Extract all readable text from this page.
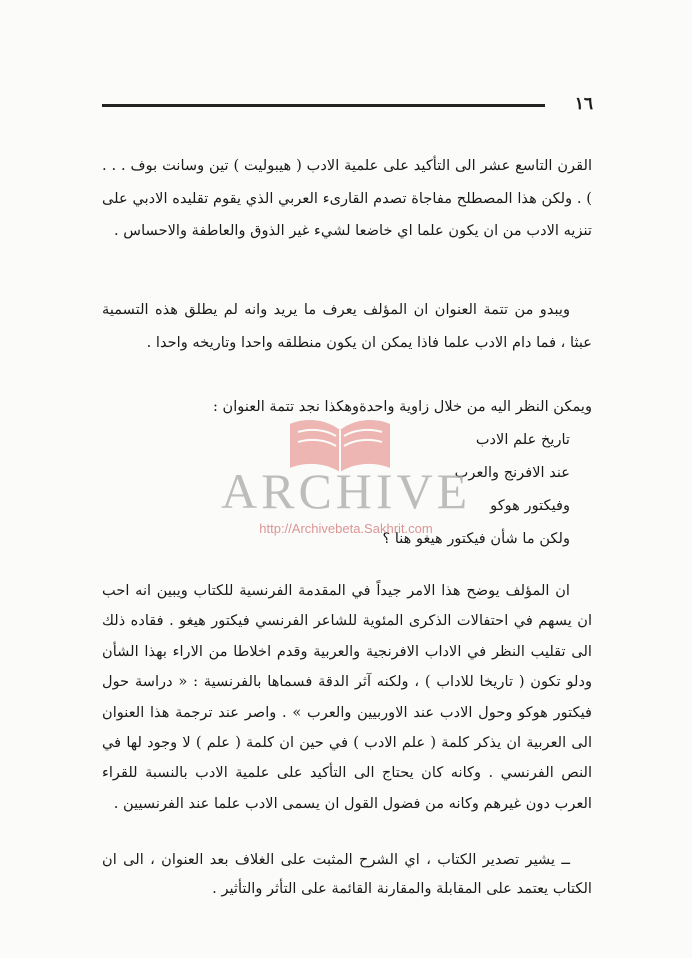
١٦

القرن التاسع عشر الى التأكيد على علمية الادب ( هيبوليت ) تين وسانت بوف . . . ) . ولكن هذا المصطلح مفاجاة تصدم القارىء العربي الذي يقوم تقليده الادبي على تنزيه الادب من ان يكون علما اي خاضعا لشيء غير الذوق والعاطفة والاحساس .

ويبدو من تتمة العنوان ان المؤلف يعرف ما يريد وانه لم يطلق هذه التسمية عبثا ، فما دام الادب علما فاذا يمكن ان يكون منطلقه واحدا وتاريخه واحدا .

ويمكن النظر اليه من خلال زاوية واحدةوهكذا نجد تتمة العنوان :

تاريخ علم الادب

عند الافرنج والعرب

وفيكتور هوكو

ولكن ما شأن فيكتور هيغو هنا ؟

ان المؤلف يوضح هذا الامر جيداً في المقدمة الفرنسية للكتاب ويبين انه احب ان يسهم في احتفالات الذكرى المئوية للشاعر الفرنسي فيكتور هيغو . فقاده ذلك الى تقليب النظر في الاداب الافرنجية والعربية وقدم اخلاطا من الاراء بهذا الشأن ودلو تكون ( تاريخا للاداب ) ، ولكنه آثر الدقة فسماها بالفرنسية : « دراسة حول فيكتور هوكو وحول الادب عند الاوربيين والعرب » . واصر عند ترجمة هذا العنوان الى العربية ان يذكر كلمة ( علم الادب ) في حين ان كلمة ( علم ) لا وجود لها في النص الفرنسي . وكانه كان يحتاج الى التأكيد على علمية الادب بالنسبة للقراء العرب دون غيرهم وكانه من فضول القول ان يسمى الادب علما عند الفرنسيين .

ــ يشير تصدير الكتاب ، اي الشرح المثبت على الغلاف بعد العنوان ، الى ان الكتاب يعتمد على المقابلة والمقارنة القائمة على التأثر والتأثير .

ARCHIVE
http://Archivebeta.Sakhrit.com
